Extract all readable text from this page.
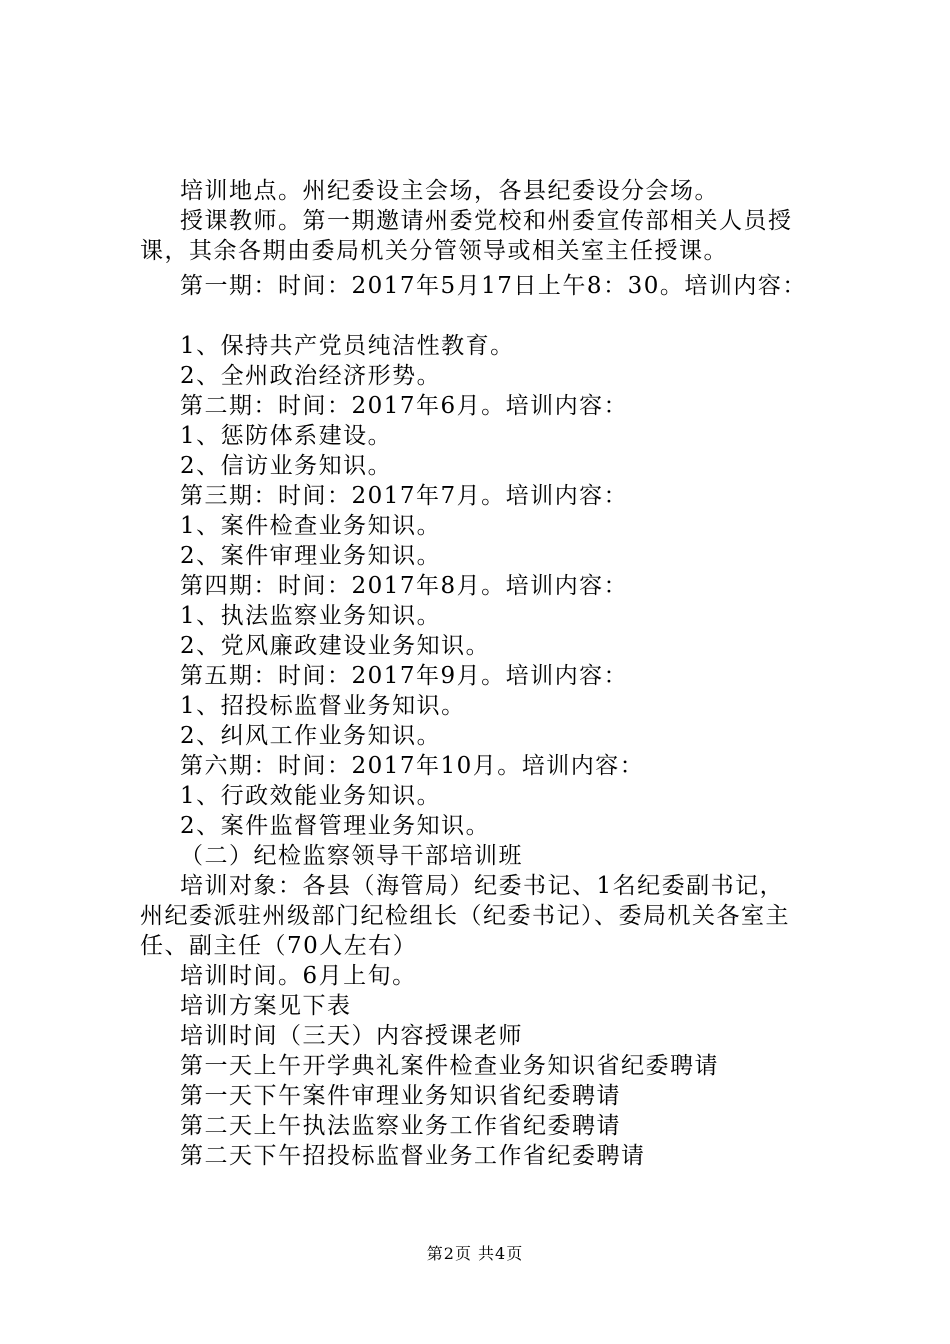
培训地点。州纪委设主会场，各县纪委设分会场。
授课教师。第一期邀请州委党校和州委宣传部相关人员授
课，其余各期由委局机关分管领导或相关室主任授课。
第一期：时间：2017年5月17日上午8：30。培训内容：
1、保持共产党员纯洁性教育。
2、全州政治经济形势。
第二期：时间：2017年6月。培训内容：
1、惩防体系建设。
2、信访业务知识。
第三期：时间：2017年7月。培训内容：
1、案件检查业务知识。
2、案件审理业务知识。
第四期：时间：2017年8月。培训内容：
1、执法监察业务知识。
2、党风廉政建设业务知识。
第五期：时间：2017年9月。培训内容：
1、招投标监督业务知识。
2、纠风工作业务知识。
第六期：时间：2017年10月。培训内容：
1、行政效能业务知识。
2、案件监督管理业务知识。
（二）纪检监察领导干部培训班
培训对象：各县（海管局）纪委书记、1名纪委副书记，
州纪委派驻州级部门纪检组长（纪委书记）、委局机关各室主
任、副主任（70人左右）
培训时间。6月上旬。
培训方案见下表
培训时间（三天）内容授课老师
第一天上午开学典礼案件检查业务知识省纪委聘请
第一天下午案件审理业务知识省纪委聘请
第二天上午执法监察业务工作省纪委聘请
第二天下午招投标监督业务工作省纪委聘请
第2页 共4页
